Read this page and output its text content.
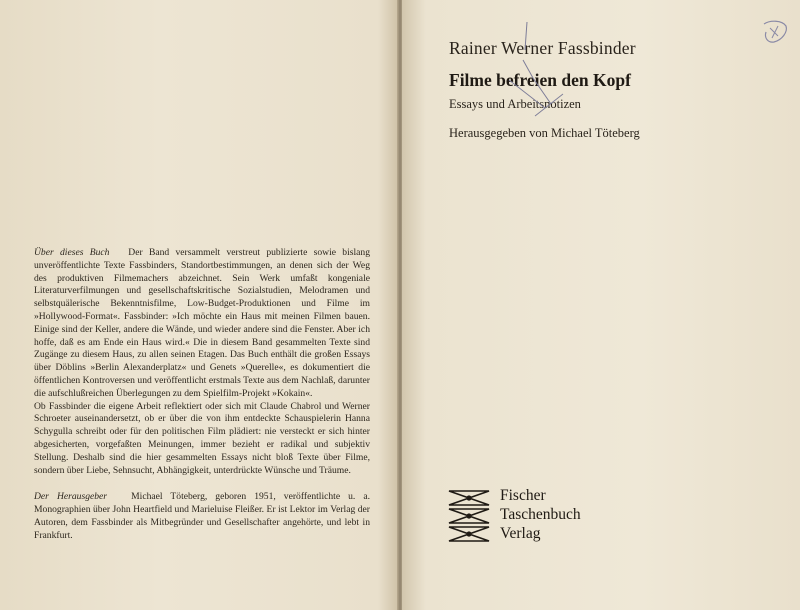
Über dieses Buch Der Band versammelt verstreut publizierte sowie bislang unveröffentlichte Texte Fassbinders, Standortbestimmungen, an denen sich der Weg des produktiven Filmemachers abzeichnet. Sein Werk umfaßt kongeniale Literaturverfilmungen und gesellschaftskritische Sozialstudien, Melodramen und selbstquälerische Bekenntnisfilme, Low-Budget-Produktionen und Filme im »Hollywood-Format«. Fassbinder: »Ich möchte ein Haus mit meinen Filmen bauen. Einige sind der Keller, andere die Wände, und wieder andere sind die Fenster. Aber ich hoffe, daß es am Ende ein Haus wird.« Die in diesem Band gesammelten Texte sind Zugänge zu diesem Haus, zu allen seinen Etagen. Das Buch enthält die großen Essays über Döblins »Berlin Alexanderplatz« und Genets »Querelle«, es dokumentiert die öffentlichen Kontroversen und veröffentlicht erstmals Texte aus dem Nachlaß, darunter die aufschlußreichen Überlegungen zu dem Spielfilm-Projekt »Kokain«.

Ob Fassbinder die eigene Arbeit reflektiert oder sich mit Claude Chabrol und Werner Schroeter auseinandersetzt, ob er über die von ihm entdeckte Schauspielerin Hanna Schygulla schreibt oder für den politischen Film plädiert: nie versteckt er sich hinter abgesicherten, vorgefaßten Meinungen, immer bezieht er radikal und subjektiv Stellung. Deshalb sind die hier gesammelten Essays nicht bloß Texte über Filme, sondern über Liebe, Sehnsucht, Abhängigkeit, unterdrückte Wünsche und Träume.

Der Herausgeber	Michael Töteberg, geboren 1951, veröffentlichte u. a. Monographien über John Heartfield und Marieluise Fleißer. Er ist Lektor im Verlag der Autoren, dem Fassbinder als Mitbegründer und Gesellschafter angehörte, und lebt in Frankfurt.

Rainer Werner Fassbinder
Filme befreien den Kopf
Essays und Arbeitsnotizen
Herausgegeben von Michael Töteberg
Fischer
Taschenbuch
Verlag
